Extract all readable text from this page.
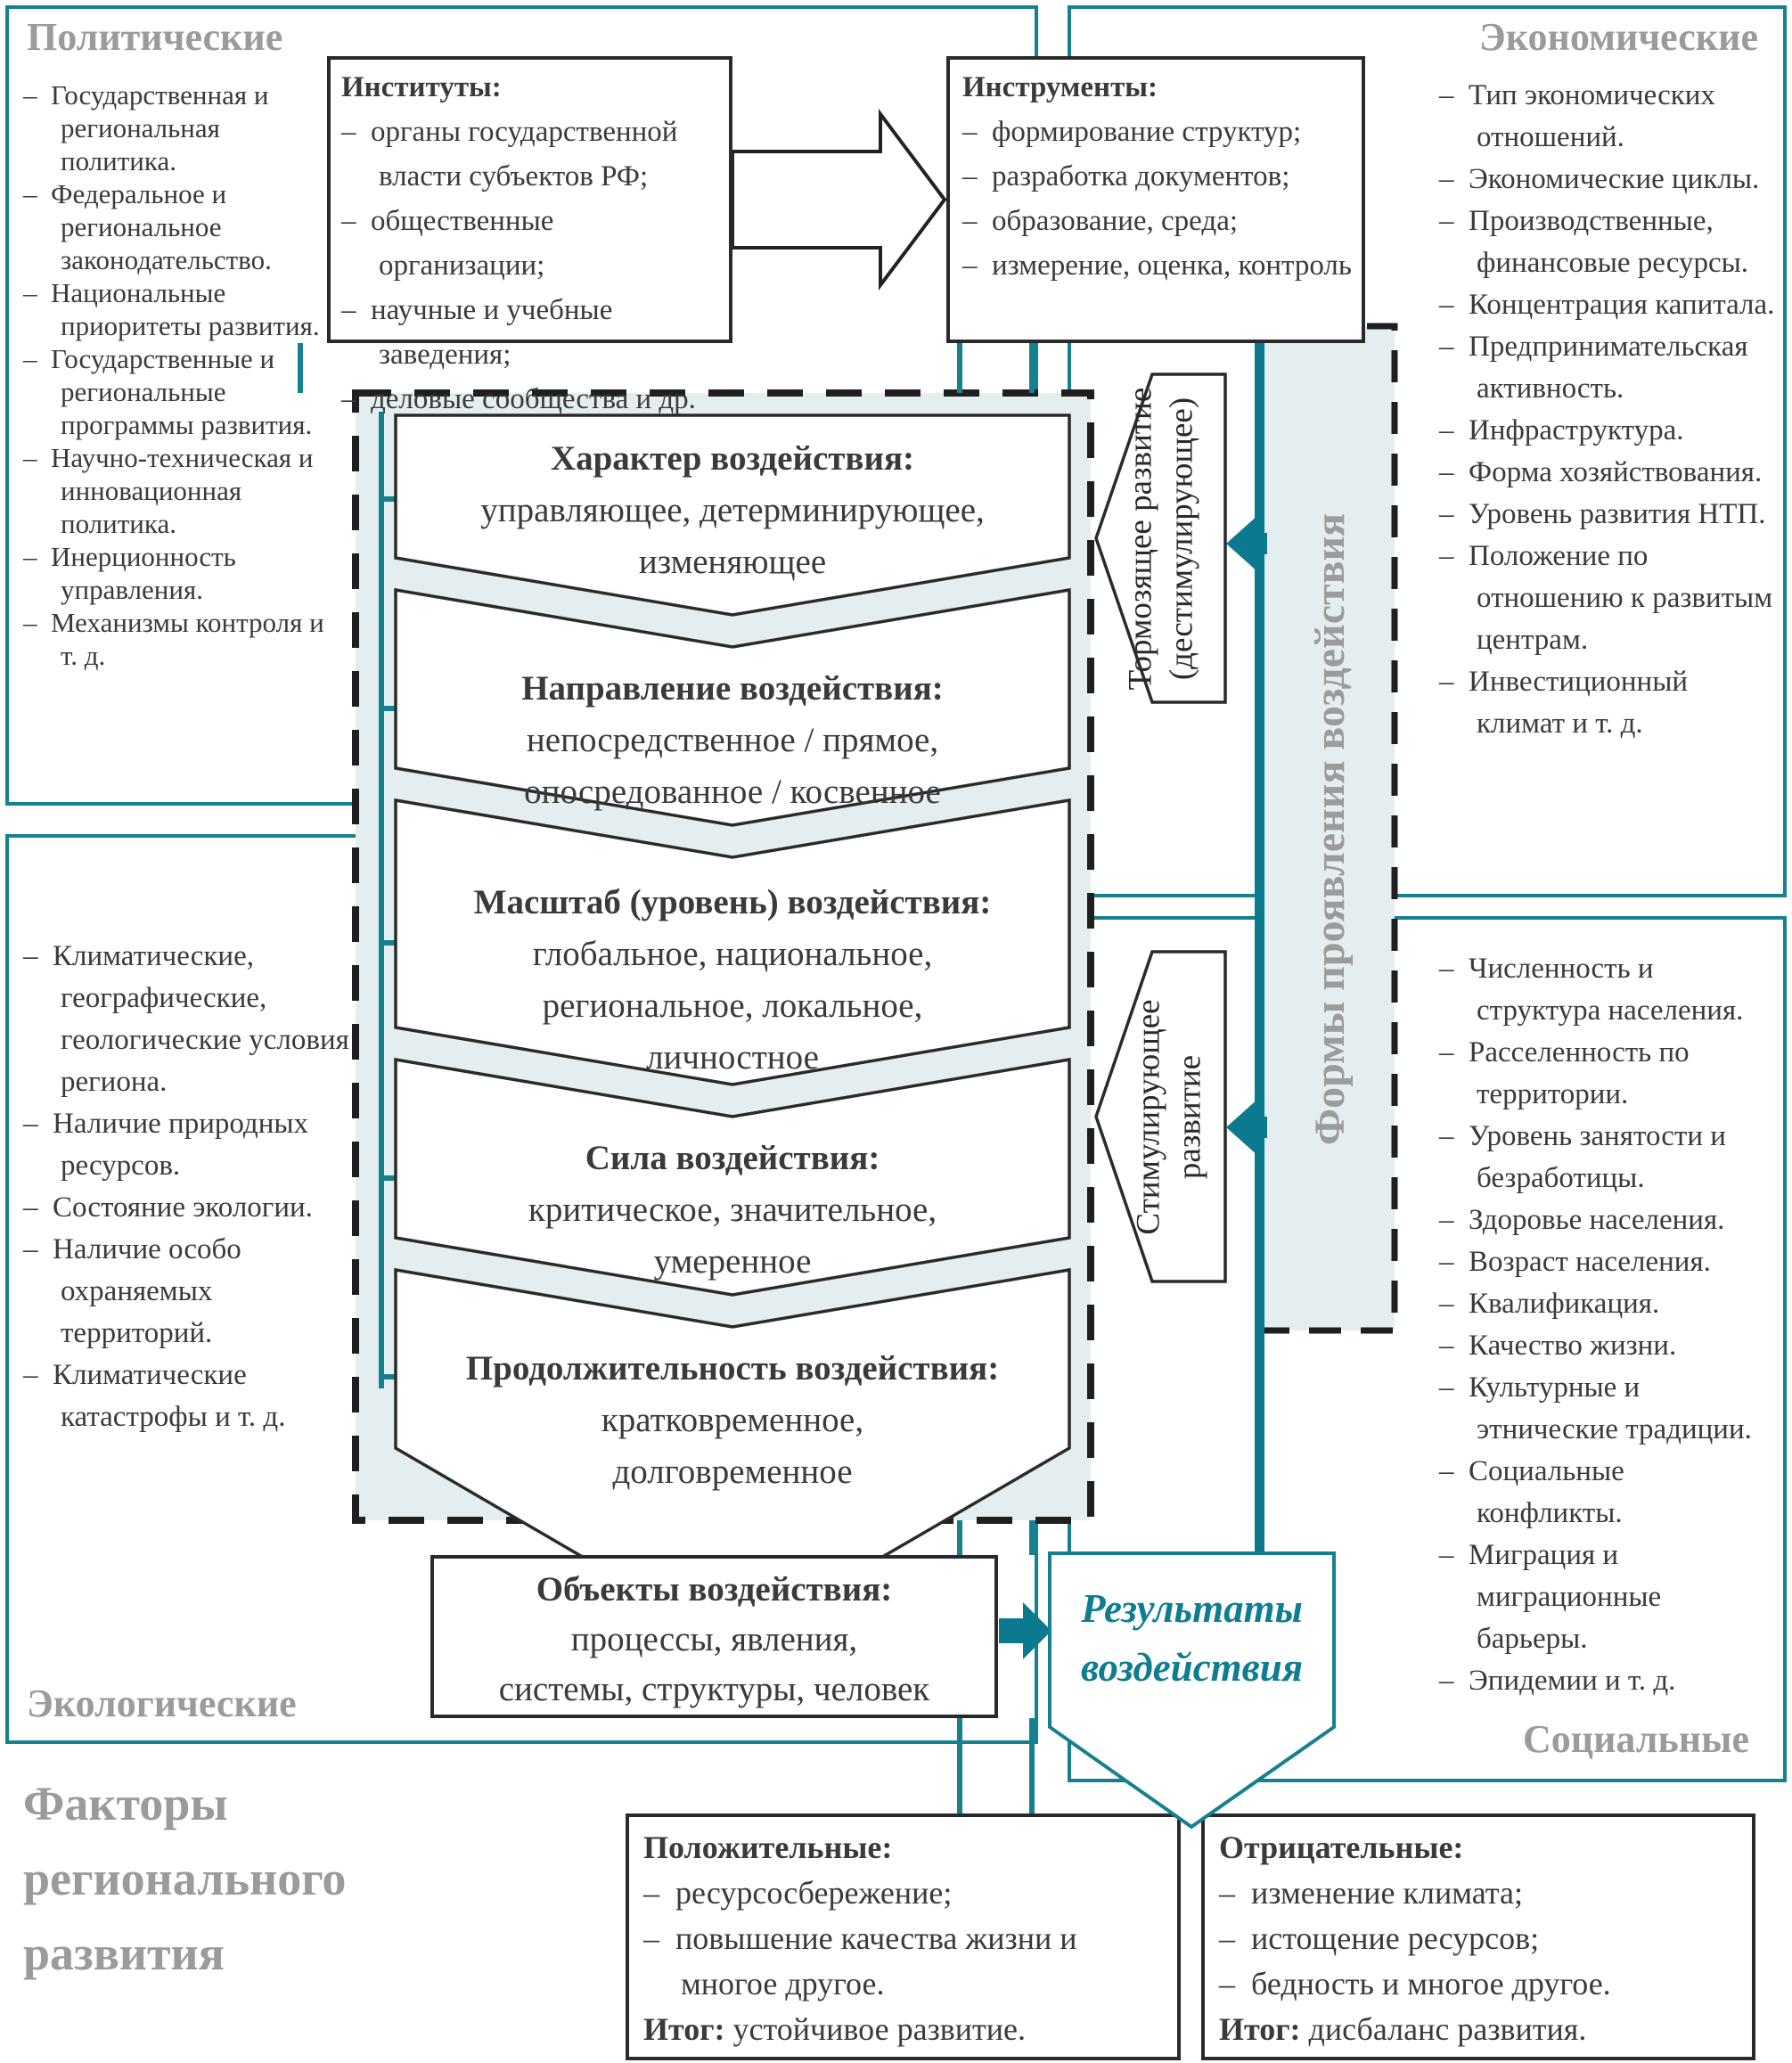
Политические	Экономические
Экологические
Социальные
– Государственная и региональная политика.
– Федеральное и региональное законодательство.
– Национальные приоритеты развития.
– Государственные и региональные программы развития.
– Научно-техническая и инновационная политика.
– Инерционность управления.
– Механизмы контроля и т. д.
– Тип экономических отношений.
– Экономические циклы.
– Производственные, финансовые ресурсы.
– Концентрация капитала.
– Предпринимательская активность.
– Инфраструктура.
– Форма хозяйствования.
– Уровень развития НТП.
– Положение по отношению к развитым центрам.
– Инвестиционный климат и т. д.
– Климатические, географические, геологические условия региона.
– Наличие природных ресурсов.
– Состояние экологии.
– Наличие особо охраняемых территорий.
– Климатические катастрофы и т. д.
– Численность и структура населения.
– Расселенность по территории.
– Уровень занятости и безработицы.
– Здоровье населения.
– Возраст населения.
– Квалификация.
– Качество жизни.
– Культурные и этнические традиции.
– Социальные конфликты.
– Миграция и миграционные барьеры.
– Эпидемии и т. д.
Институты:
– органы государственной власти субъектов РФ;
– общественные организации;
– научные и учебные заведения;
– деловые сообщества и др.
Инструменты:
– формирование структур;
– разработка документов;
– образование, среда;
– измерение, оценка, контроль
Характер воздействия:
управляющее, детерминирующее,
изменяющее
Направление воздействия:
непосредственное / прямое,
опосредованное / косвенное
Масштаб (уровень) воздействия:
глобальное, национальное,
региональное, локальное,
личностное
Сила воздействия:
критическое, значительное,
умеренное
Продолжительность воздействия:
кратковременное,
долговременное
Тормозящее развитие
(дестимулирующее)
Стимулирующее
развитие	Формы проявления воздействия
Объекты воздействия:
процессы, явления,
системы, структуры, человек
Результаты
воздействия
Положительные:
– ресурсосбережение;
– повышение качества жизни и многое другое.
Итог: устойчивое развитие.
Отрицательные:
– изменение климата;
– истощение ресурсов;
– бедность и многое другое.
Итог: дисбаланс развития.
Факторы регионального развития
